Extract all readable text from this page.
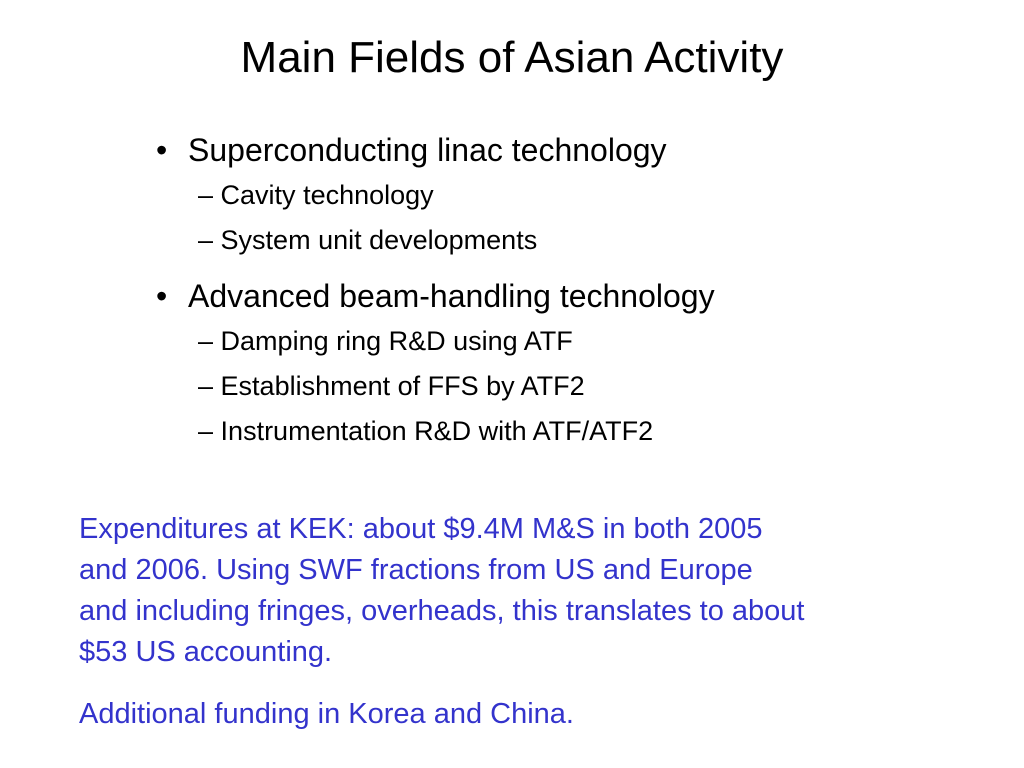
Main Fields of Asian Activity
• Superconducting linac technology
– Cavity technology
– System unit developments
• Advanced beam-handling technology
– Damping ring R&D using ATF
– Establishment of FFS by ATF2
– Instrumentation R&D with ATF/ATF2

Expenditures at KEK: about $9.4M M&S in both 2005
and 2006. Using SWF fractions from US and Europe
and including fringes, overheads, this translates to about
$53 US accounting.

Additional funding in Korea and China.
